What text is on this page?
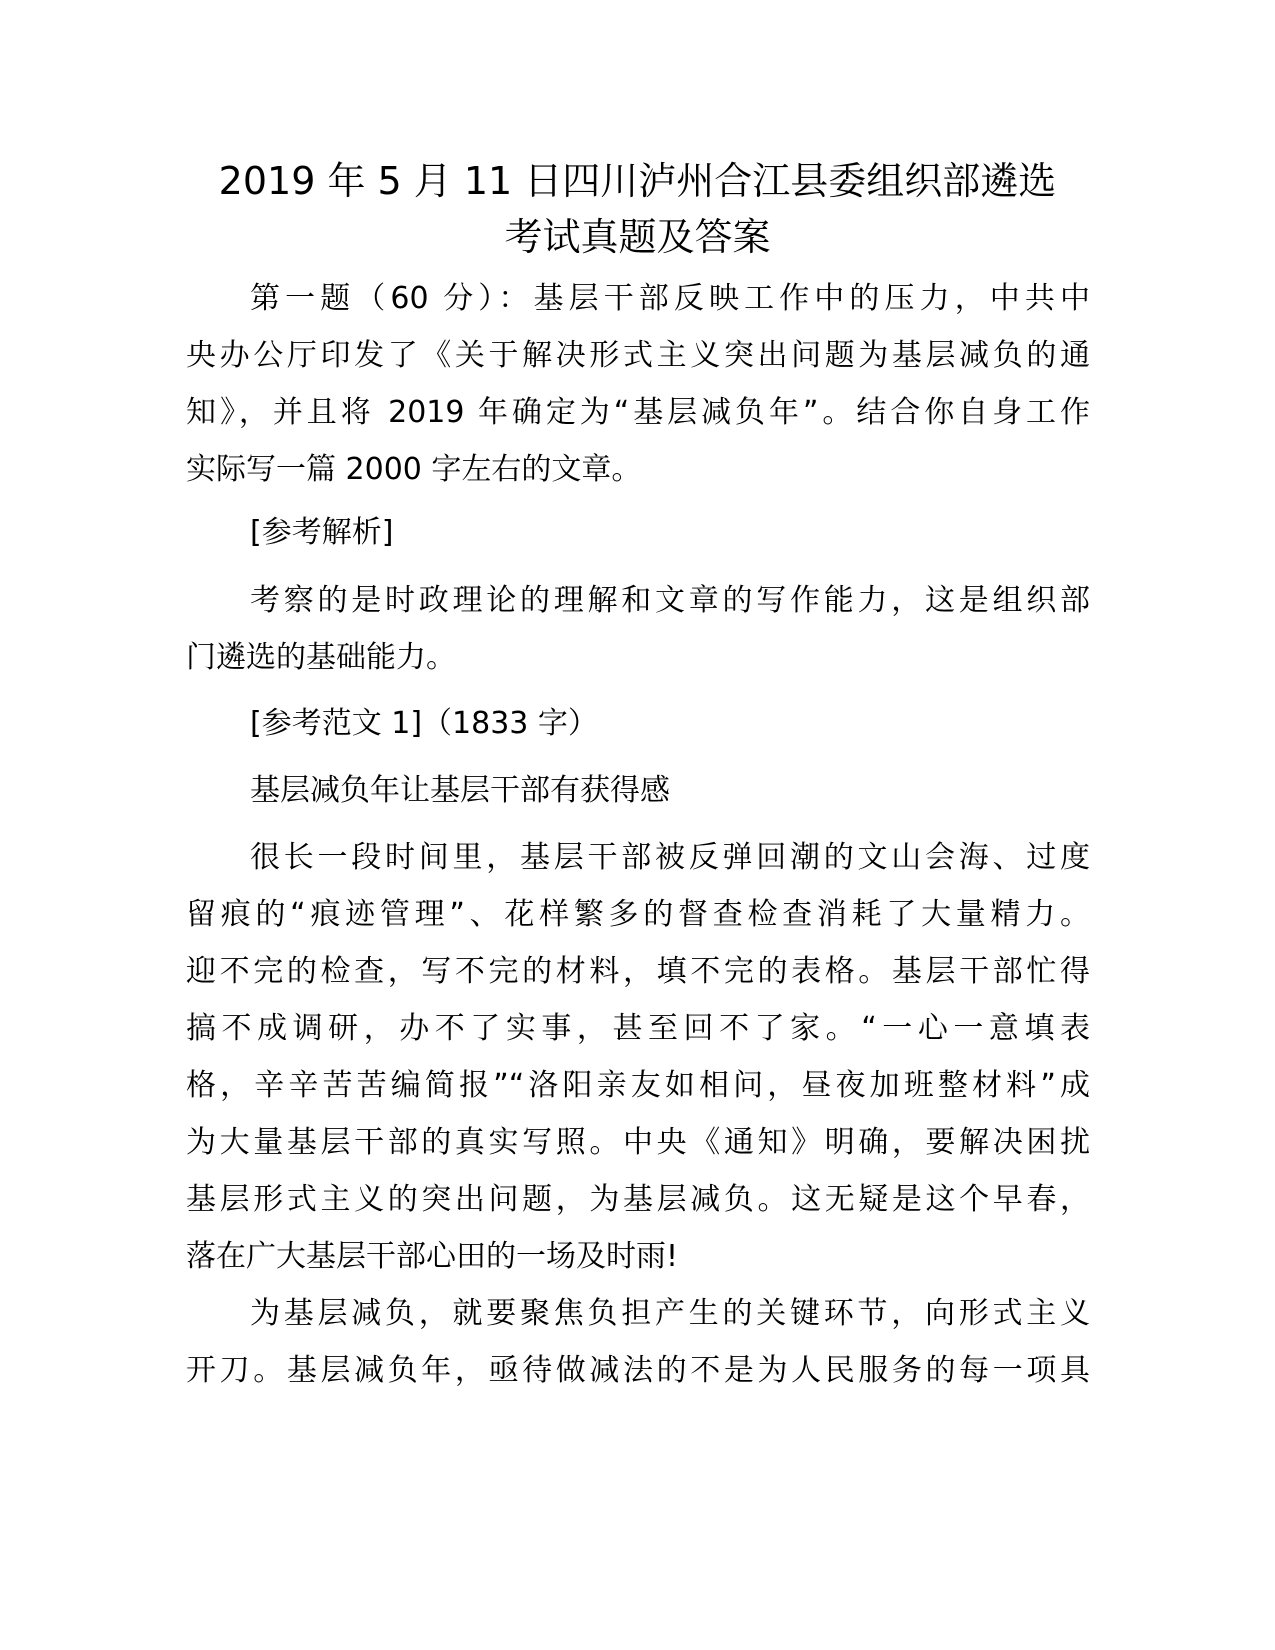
2019 年 5 月 11 日四川泸州合江县委组织部遴选
考试真题及答案
第一题（60 分）：基层干部反映工作中的压力，中共中
央办公厅印发了《关于解决形式主义突出问题为基层减负的通
知》，并且将 2019 年确定为“基层减负年”。结合你自身工作
实际写一篇 2000 字左右的文章。
[参考解析]
考察的是时政理论的理解和文章的写作能力，这是组织部
门遴选的基础能力。
[参考范文 1]（1833 字）
基层减负年让基层干部有获得感
很长一段时间里，基层干部被反弹回潮的文山会海、过度
留痕的“痕迹管理”、花样繁多的督查检查消耗了大量精力。
迎不完的检查，写不完的材料，填不完的表格。基层干部忙得
搞不成调研，办不了实事，甚至回不了家。“一心一意填表
格，辛辛苦苦编简报”“洛阳亲友如相问，昼夜加班整材料”成
为大量基层干部的真实写照。中央《通知》明确，要解决困扰
基层形式主义的突出问题，为基层减负。这无疑是这个早春，
落在广大基层干部心田的一场及时雨!
为基层减负，就要聚焦负担产生的关键环节，向形式主义
开刀。基层减负年，亟待做减法的不是为人民服务的每一项具
